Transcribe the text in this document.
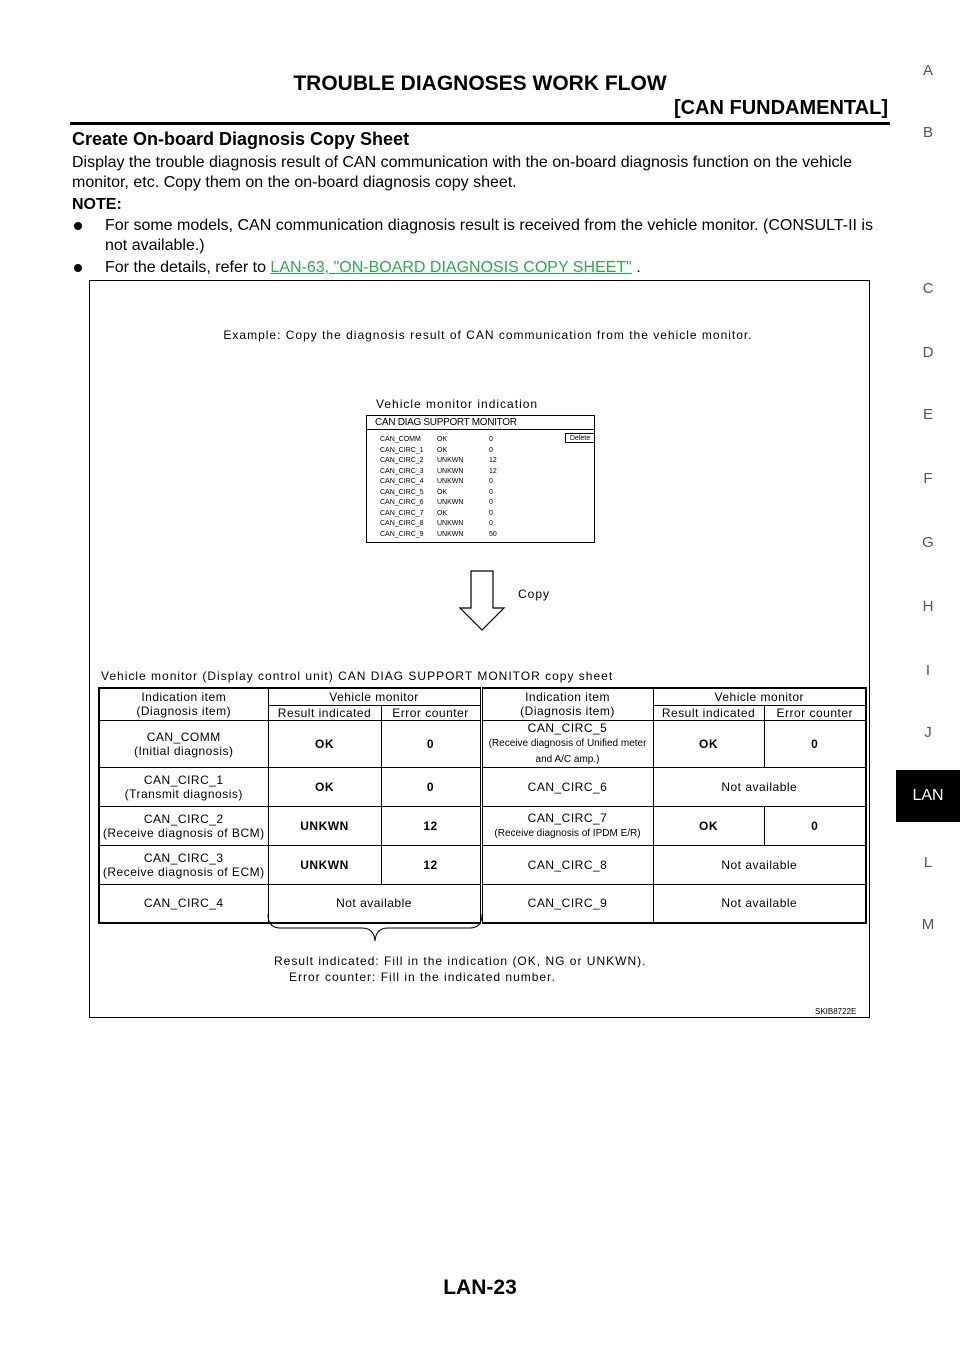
TROUBLE DIAGNOSES WORK FLOW
[CAN FUNDAMENTAL]
Create On-board Diagnosis Copy Sheet
Display the trouble diagnosis result of CAN communication with the on-board diagnosis function on the vehicle monitor, etc. Copy them on the on-board diagnosis copy sheet.
NOTE:
For some models, CAN communication diagnosis result is received from the vehicle monitor. (CONSULT-II is not available.)
For the details, refer to LAN-63, "ON-BOARD DIAGNOSIS COPY SHEET" .
A
B
C
D
E
F
G
H
I
J
LAN
L
M
Example: Copy the diagnosis result of CAN communication from the vehicle monitor.
Vehicle monitor indication
CAN DIAG SUPPORT MONITOR
Delete
CAN_COMM OK	0
CAN_CIRC_1 OK	0
CAN_CIRC_2 UNKWN	12
CAN_CIRC_3 UNKWN	12
CAN_CIRC_4 UNKWN	0
CAN_CIRC_5 OK	0
CAN_CIRC_6 UNKWN	0
CAN_CIRC_7 OK	0
CAN_CIRC_8 UNKWN	0
CAN_CIRC_9 UNKWN	50
Copy
Vehicle monitor (Display control unit) CAN DIAG SUPPORT MONITOR copy sheet
Indication item
(Diagnosis item)	Vehicle monitor		Indication item
(Diagnosis item)	Vehicle monitor	
	Result indicated	Error counter		Result indicated	Error counter
CAN_COMM
(Initial diagnosis)	OK	0	CAN_CIRC_5
(Receive diagnosis of Unified meter
and A/C amp.)	OK	0
CAN_CIRC_1
(Transmit diagnosis)	OK	0	CAN_CIRC_6	Not available	
CAN_CIRC_2
(Receive diagnosis of BCM)	UNKWN	12	CAN_CIRC_7
(Receive diagnosis of IPDM E/R)	OK	0
CAN_CIRC_3
(Receive diagnosis of ECM)	UNKWN	12	CAN_CIRC_8	Not available	
CAN_CIRC_4	Not available		CAN_CIRC_9	Not available	
Result indicated: Fill in the indication (OK, NG or UNKWN).
Error counter: Fill in the indicated number.
SKIB8722E
LAN-23
